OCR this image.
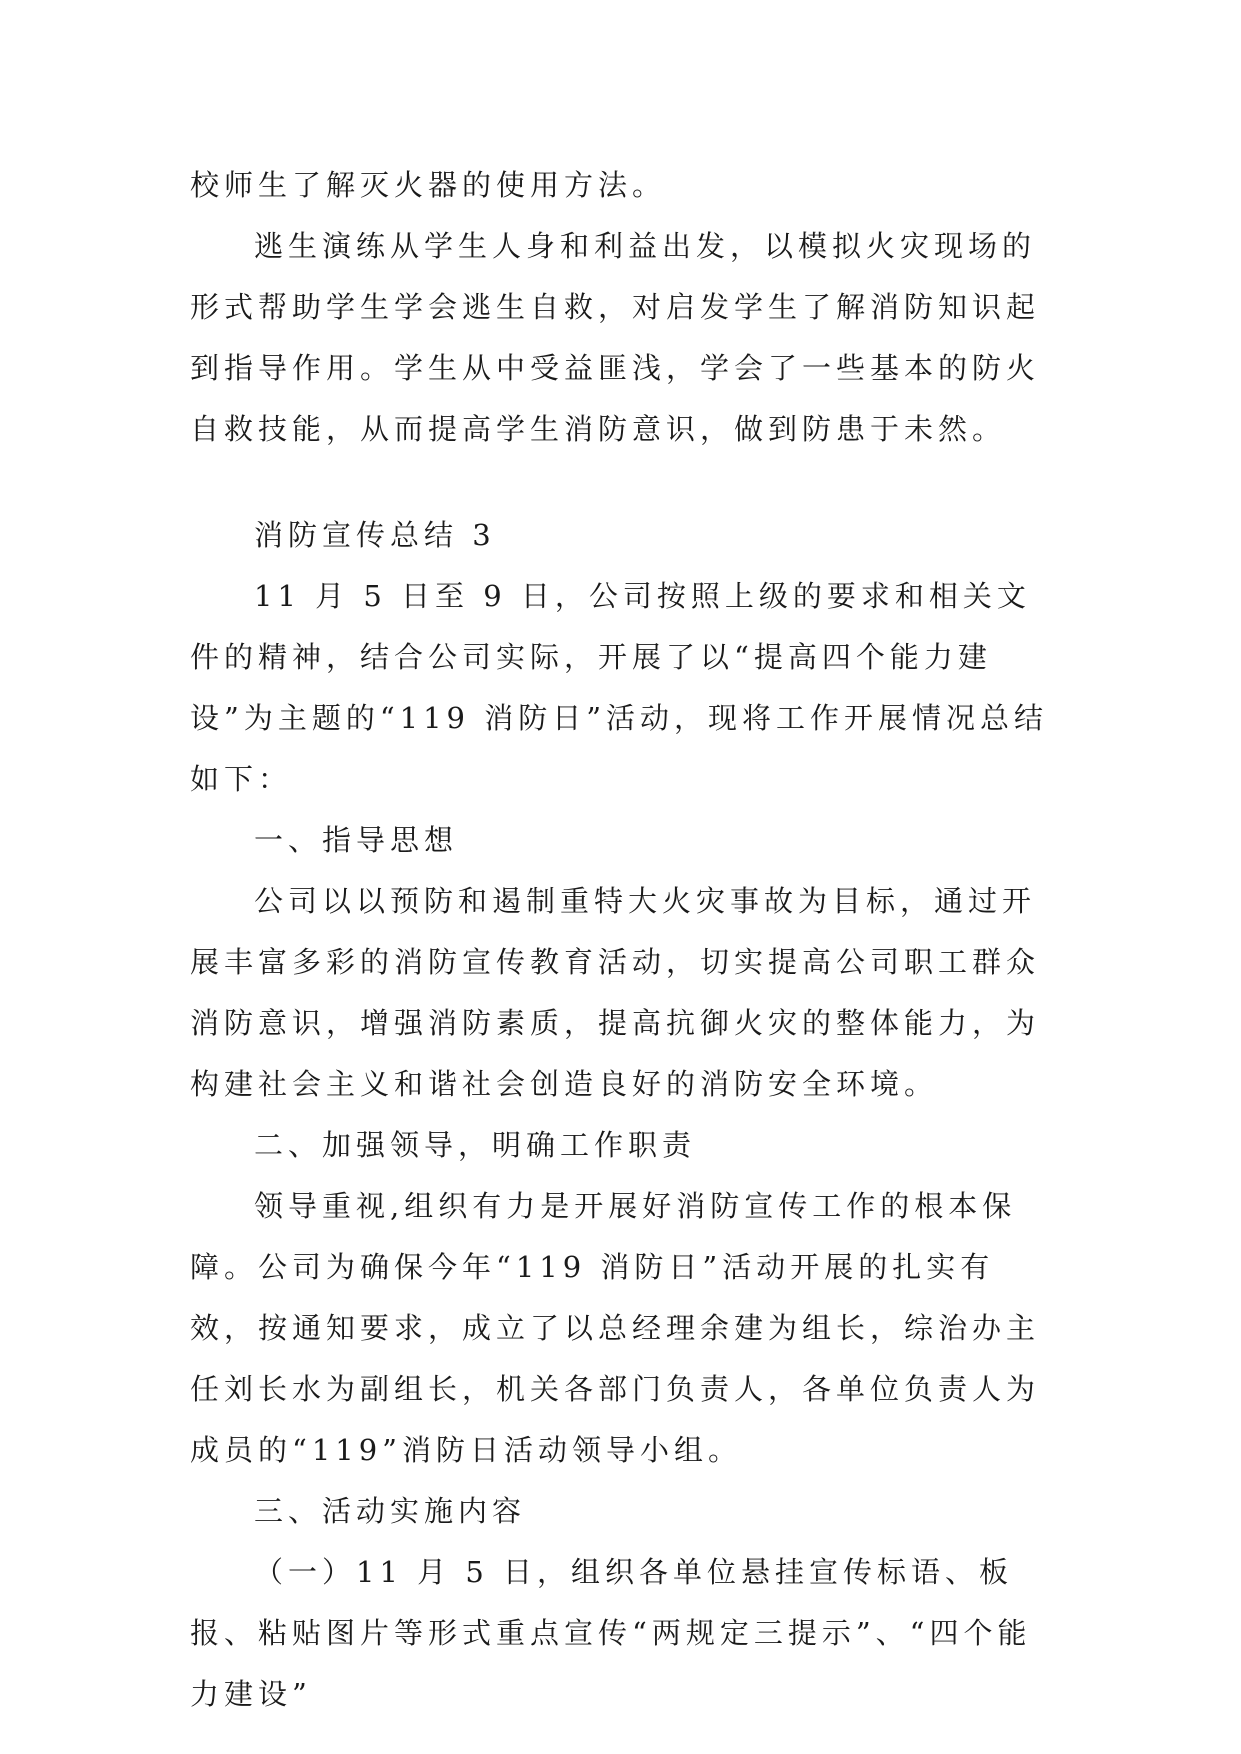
校师生了解灭火器的使用方法。

逃生演练从学生人身和利益出发，以模拟火灾现场的形式帮助学生学会逃生自救，对启发学生了解消防知识起到指导作用。学生从中受益匪浅，学会了一些基本的防火自救技能，从而提高学生消防意识，做到防患于未然。

消防宣传总结 3

11 月 5 日至 9 日，公司按照上级的要求和相关文件的精神，结合公司实际，开展了以“提高四个能力建设”为主题的“119 消防日”活动，现将工作开展情况总结如下：

一、指导思想

公司以以预防和遏制重特大火灾事故为目标，通过开展丰富多彩的消防宣传教育活动，切实提高公司职工群众消防意识，增强消防素质，提高抗御火灾的整体能力，为构建社会主义和谐社会创造良好的消防安全环境。

二、加强领导，明确工作职责

领导重视,组织有力是开展好消防宣传工作的根本保障。公司为确保今年“119 消防日”活动开展的扎实有效，按通知要求，成立了以总经理余建为组长，综治办主任刘长水为副组长，机关各部门负责人，各单位负责人为成员的“119”消防日活动领导小组。

三、活动实施内容

（一）11 月 5 日，组织各单位悬挂宣传标语、板报、粘贴图片等形式重点宣传“两规定三提示”、“四个能力建设”
